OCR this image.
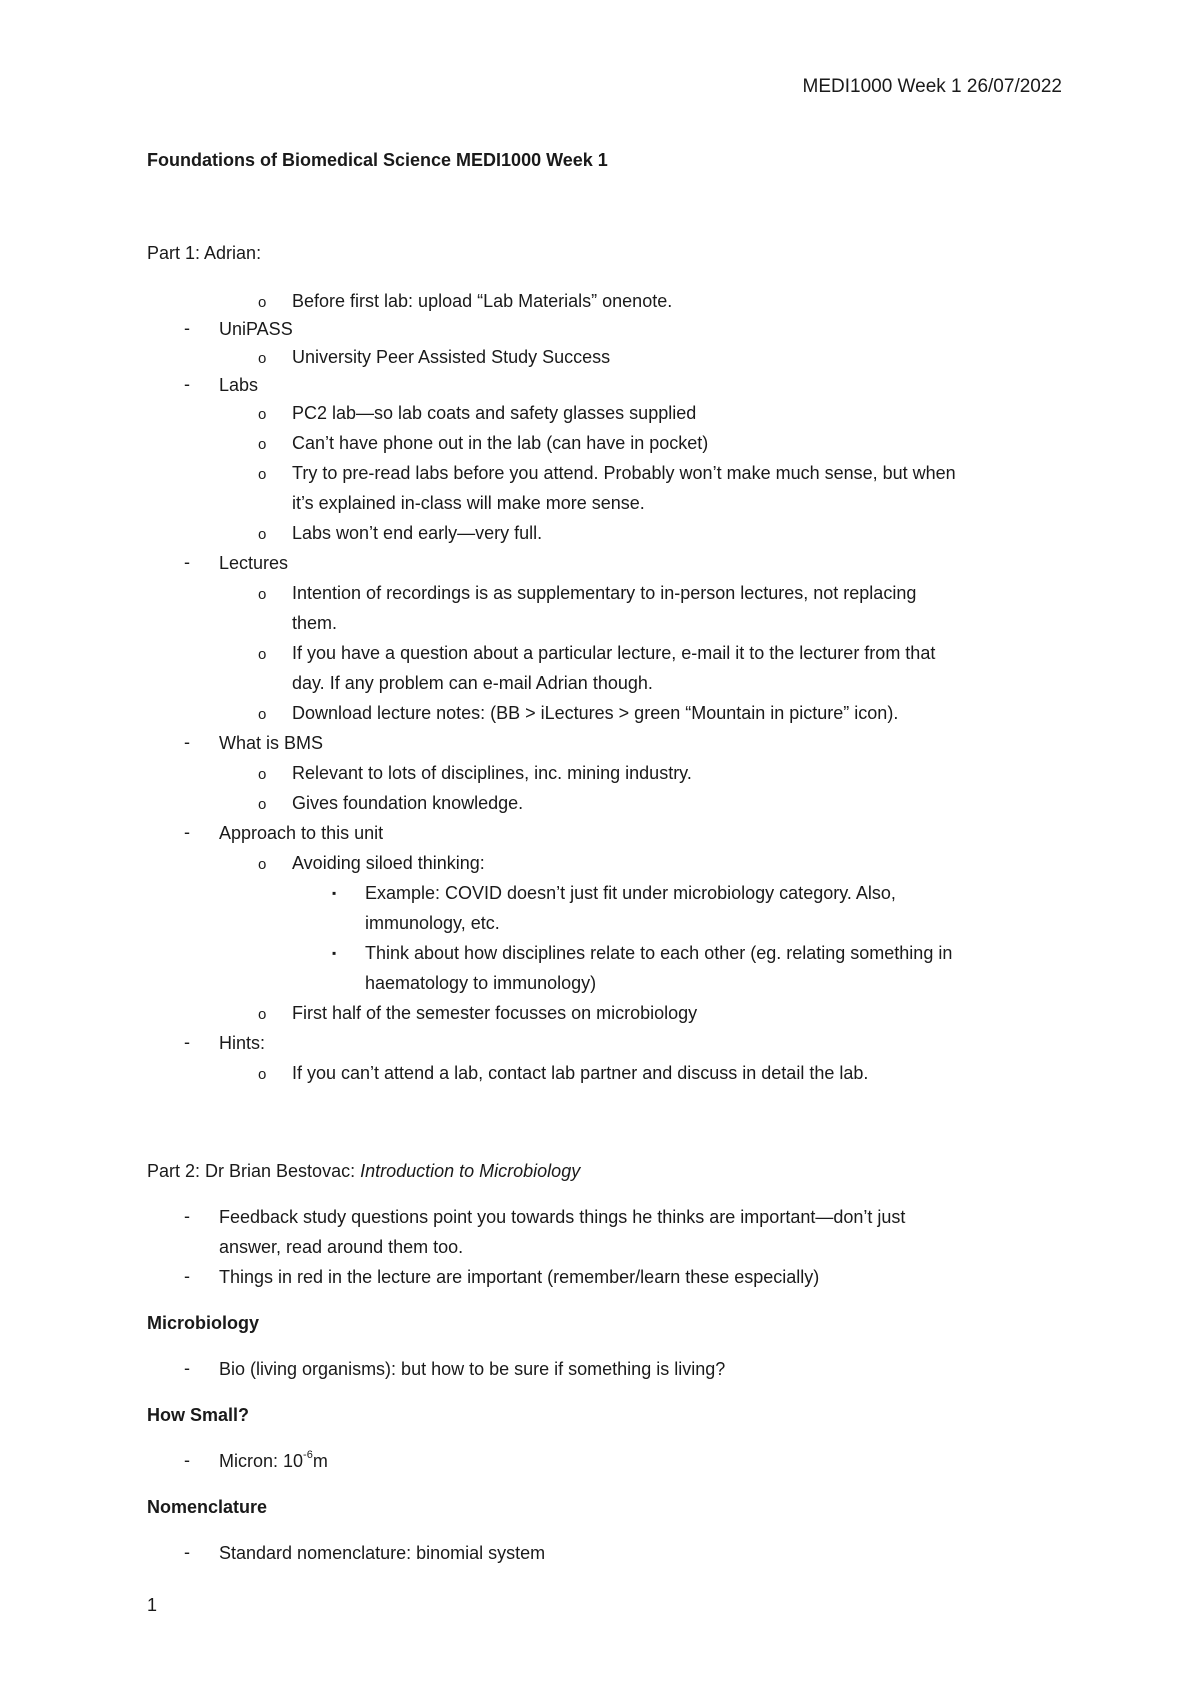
MEDI1000 Week 1 26/07/2022
Foundations of Biomedical Science MEDI1000 Week 1
Part 1: Adrian:
o Before first lab: upload “Lab Materials” onenote.
- UniPASS
o University Peer Assisted Study Success
- Labs
o PC2 lab—so lab coats and safety glasses supplied
o Can’t have phone out in the lab (can have in pocket)
o Try to pre-read labs before you attend. Probably won’t make much sense, but when
it’s explained in-class will make more sense.
o Labs won’t end early—very full.
- Lectures
o Intention of recordings is as supplementary to in-person lectures, not replacing
them.
o If you have a question about a particular lecture, e-mail it to the lecturer from that
day. If any problem can e-mail Adrian though.
o Download lecture notes: (BB > iLectures > green “Mountain in picture” icon).
- What is BMS
o Relevant to lots of disciplines, inc. mining industry.
o Gives foundation knowledge.
- Approach to this unit
o Avoiding siloed thinking:
▪ Example: COVID doesn’t just fit under microbiology category. Also,
immunology, etc.
▪ Think about how disciplines relate to each other (eg. relating something in
haematology to immunology)
o First half of the semester focusses on microbiology
- Hints:
o If you can’t attend a lab, contact lab partner and discuss in detail the lab.
Part 2: Dr Brian Bestovac: Introduction to Microbiology
- Feedback study questions point you towards things he thinks are important—don’t just
answer, read around them too.
- Things in red in the lecture are important (remember/learn these especially)
Microbiology
- Bio (living organisms): but how to be sure if something is living?
How Small?
- Micron: $10^{-6}m$
Nomenclature
- Standard nomenclature: binomial system
1
